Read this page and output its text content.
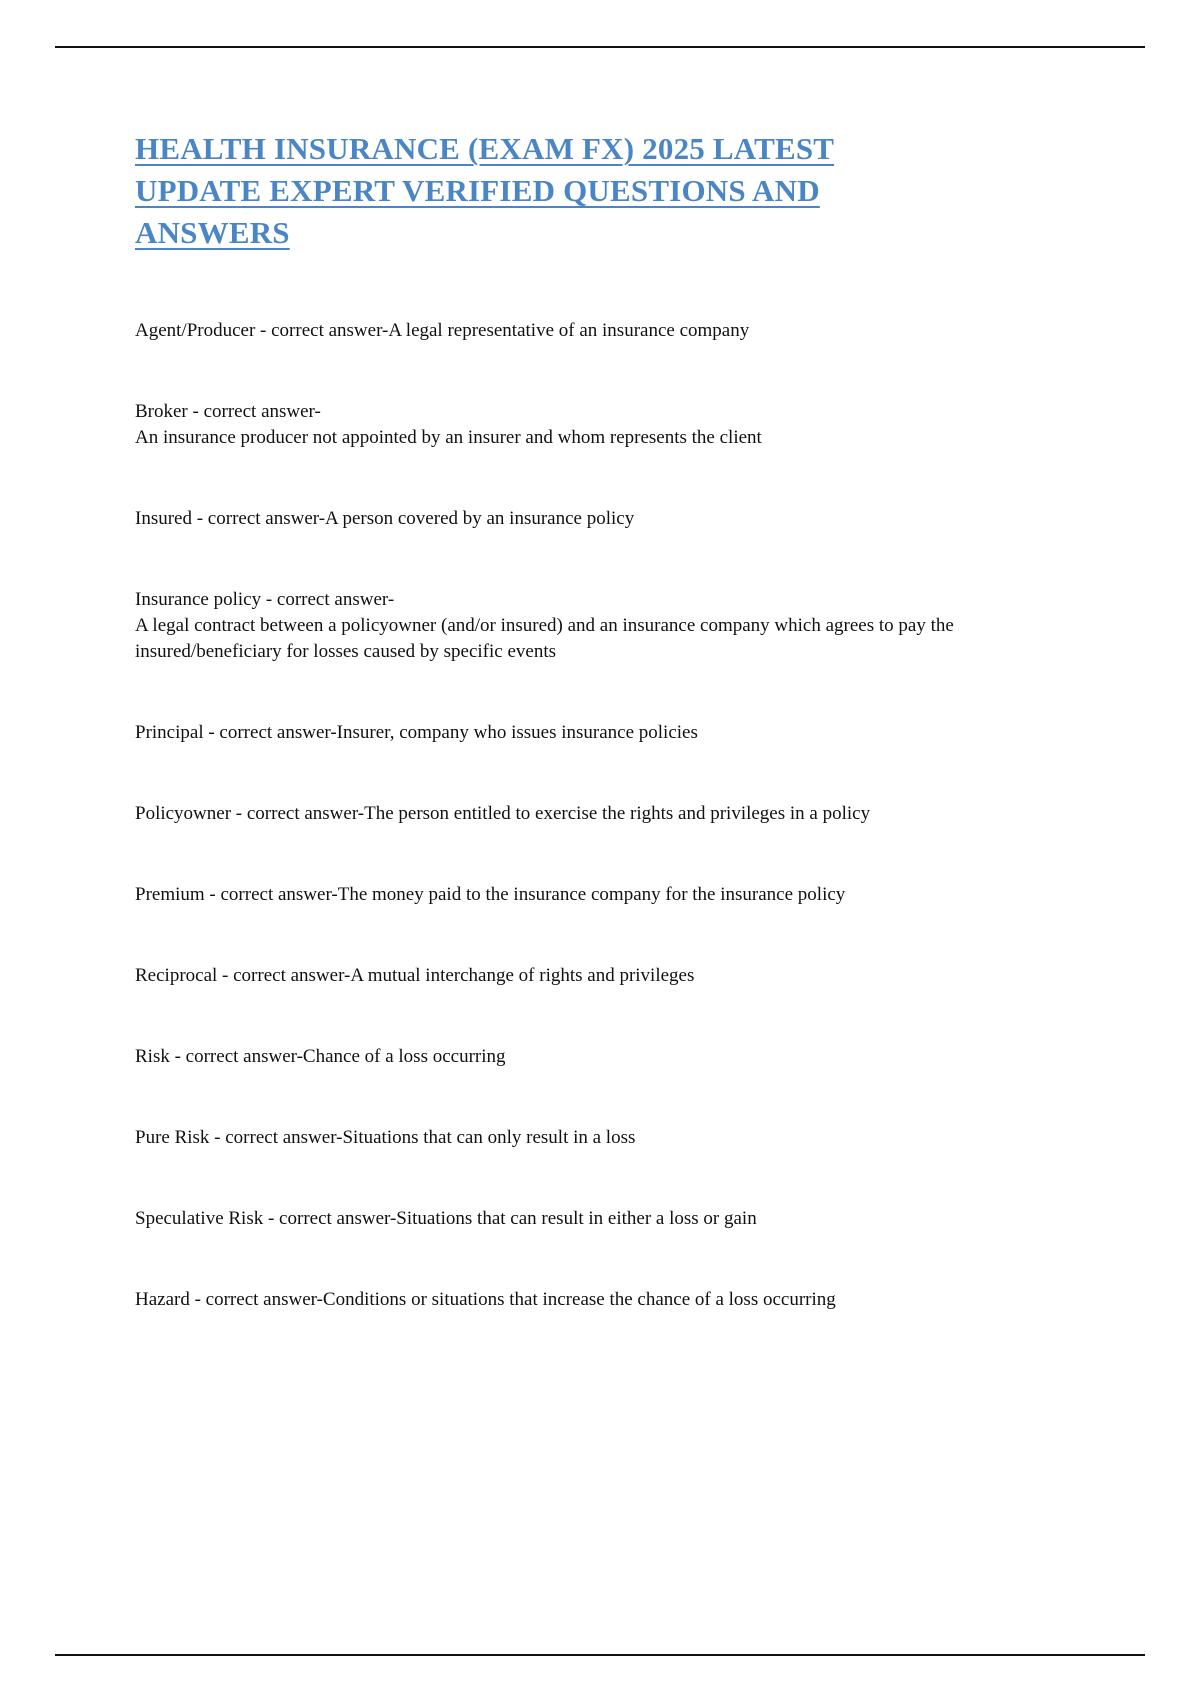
HEALTH INSURANCE (EXAM FX) 2025 LATEST
UPDATE EXPERT VERIFIED QUESTIONS AND
ANSWERS

Agent/Producer - correct answer-A legal representative of an insurance company

Broker - correct answer-
An insurance producer not appointed by an insurer and whom represents the client

Insured - correct answer-A person covered by an insurance policy

Insurance policy - correct answer-
A legal contract between a policyowner (and/or insured) and an insurance company which agrees to pay the insured/beneficiary for losses caused by specific events

Principal - correct answer-Insurer, company who issues insurance policies

Policyowner - correct answer-The person entitled to exercise the rights and privileges in a policy

Premium - correct answer-The money paid to the insurance company for the insurance policy

Reciprocal - correct answer-A mutual interchange of rights and privileges

Risk - correct answer-Chance of a loss occurring

Pure Risk - correct answer-Situations that can only result in a loss

Speculative Risk - correct answer-Situations that can result in either a loss or gain

Hazard - correct answer-Conditions or situations that increase the chance of a loss occurring
